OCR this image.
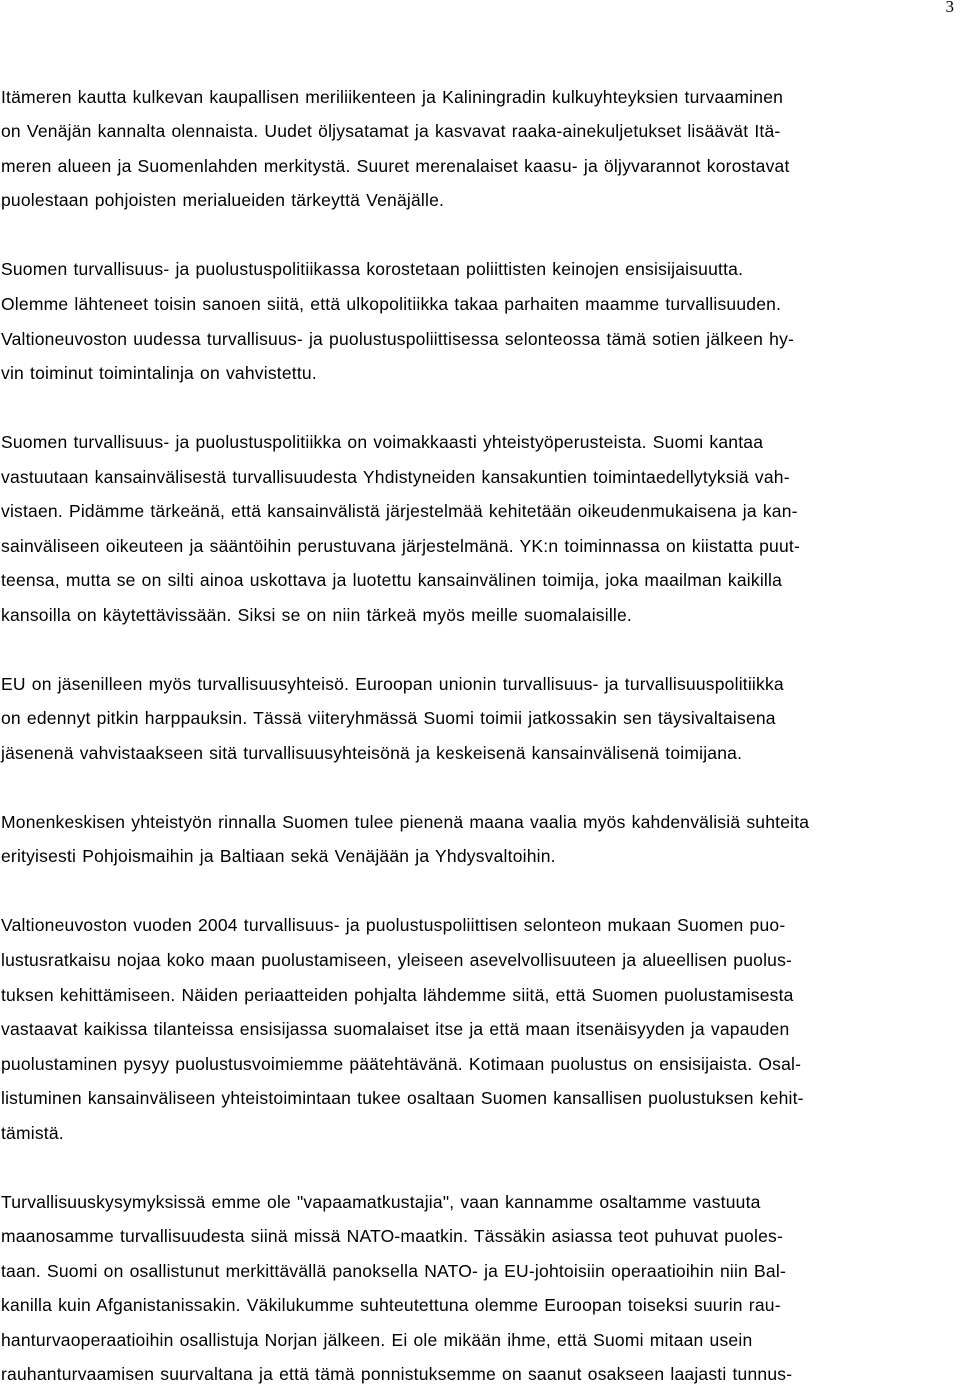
3
Itämeren kautta kulkevan kaupallisen meriliikenteen ja Kaliningradin kulkuyhteyksien turvaaminen
on Venäjän kannalta olennaista. Uudet öljysatamat ja kasvavat raaka-ainekuljetukset lisäävät Itä-
meren alueen ja Suomenlahden merkitystä. Suuret merenalaiset kaasu- ja öljyvarannot korostavat
puolestaan pohjoisten merialueiden tärkeyttä Venäjälle.
Suomen turvallisuus- ja puolustuspolitiikassa korostetaan poliittisten keinojen ensisijaisuutta.
Olemme lähteneet toisin sanoen siitä, että ulkopolitiikka takaa parhaiten maamme turvallisuuden.
Valtioneuvoston uudessa turvallisuus- ja puolustuspoliittisessa selonteossa tämä sotien jälkeen hy-
vin toiminut toimintalinja on vahvistettu.
Suomen turvallisuus- ja puolustuspolitiikka on voimakkaasti yhteistyöperusteista. Suomi kantaa
vastuutaan kansainvälisestä turvallisuudesta Yhdistyneiden kansakuntien toimintaedellytyksiä vah-
vistaen. Pidämme tärkeänä, että kansainvälistä järjestelmää kehitetään oikeudenmukaisena ja kan-
sainväliseen oikeuteen ja sääntöihin perustuvana järjestelmänä. YK:n toiminnassa on kiistatta puut-
teensa, mutta se on silti ainoa uskottava ja luotettu kansainvälinen toimija, joka maailman kaikilla
kansoilla on käytettävissään. Siksi se on niin tärkeä myös meille suomalaisille.
EU on jäsenilleen myös turvallisuusyhteisö. Euroopan unionin turvallisuus- ja turvallisuuspolitiikka
on edennyt pitkin harppauksin. Tässä viiteryhmässä Suomi toimii jatkossakin sen täysivaltaisena
jäsenenä vahvistaakseen sitä turvallisuusyhteisönä ja keskeisenä kansainvälisenä toimijana.
Monenkeskisen yhteistyön rinnalla Suomen tulee pienenä maana vaalia myös kahdenvälisiä suhteita
erityisesti Pohjoismaihin ja Baltiaan sekä Venäjään ja Yhdysvaltoihin.
Valtioneuvoston vuoden 2004 turvallisuus- ja puolustuspoliittisen selonteon mukaan Suomen puo-
lustusratkaisu nojaa koko maan puolustamiseen, yleiseen asevelvollisuuteen ja alueellisen puolus-
tuksen kehittämiseen. Näiden periaatteiden pohjalta lähdemme siitä, että Suomen puolustamisesta
vastaavat kaikissa tilanteissa ensisijassa suomalaiset itse ja että maan itsenäisyyden ja vapauden
puolustaminen pysyy puolustusvoimiemme päätehtävänä. Kotimaan puolustus on ensisijaista. Osal-
listuminen kansainväliseen yhteistoimintaan tukee osaltaan Suomen kansallisen puolustuksen kehit-
tämistä.
Turvallisuuskysymyksissä emme ole "vapaamatkustajia", vaan kannamme osaltamme vastuuta
maanosamme turvallisuudesta siinä missä NATO-maatkin. Tässäkin asiassa teot puhuvat puoles-
taan. Suomi on osallistunut merkittävällä panoksella NATO- ja EU-johtoisiin operaatioihin niin Bal-
kanilla kuin Afganistanissakin. Väkilukumme suhteutettuna olemme Euroopan toiseksi suurin rau-
hanturvaoperaatioihin osallistuja Norjan jälkeen. Ei ole mikään ihme, että Suomi mitaan usein
rauhanturvaamisen suurvaltana ja että tämä ponnistuksemme on saanut osakseen laajasti tunnus-
